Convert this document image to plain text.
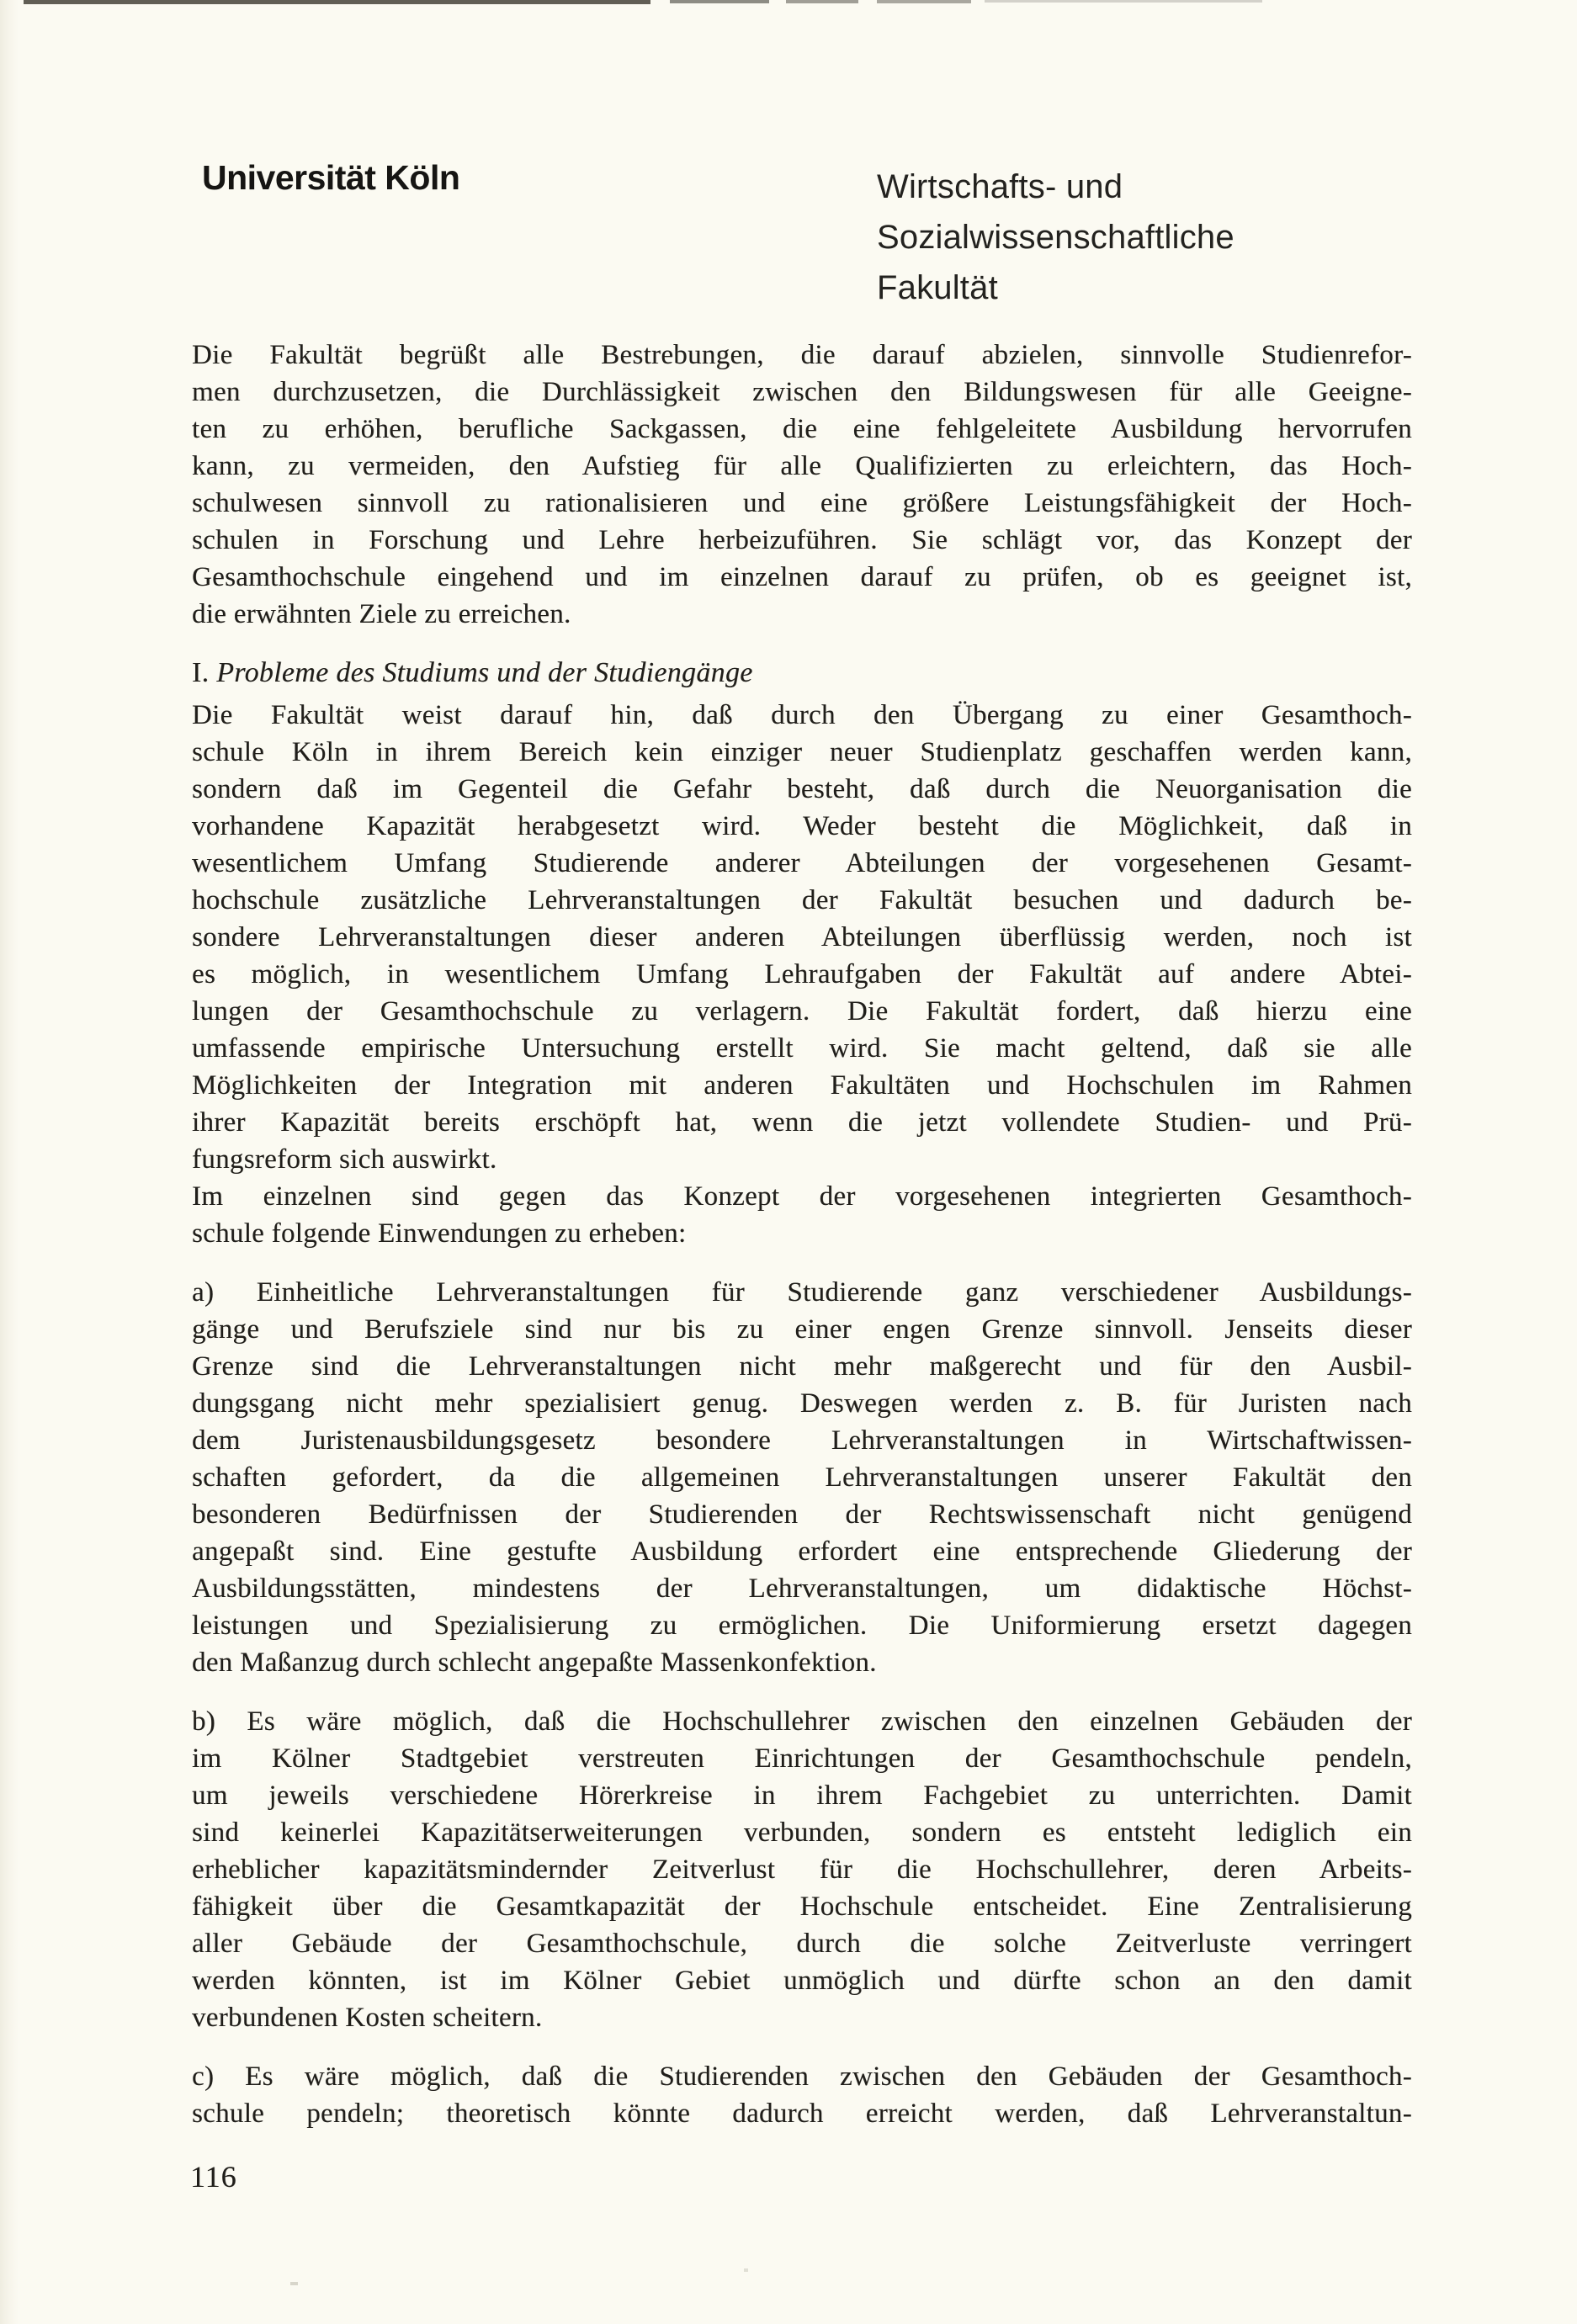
Universität Köln	Wirtschafts- und
Sozialwissenschaftliche
Fakultät
Die Fakultät begrüßt alle Bestrebungen, die darauf abzielen, sinnvolle Studienrefor-
men durchzusetzen, die Durchlässigkeit zwischen den Bildungswesen für alle Geeigne-
ten zu erhöhen, berufliche Sackgassen, die eine fehlgeleitete Ausbildung hervorrufen
kann, zu vermeiden, den Aufstieg für alle Qualifizierten zu erleichtern, das Hoch-
schulwesen sinnvoll zu rationalisieren und eine größere Leistungsfähigkeit der Hoch-
schulen in Forschung und Lehre herbeizuführen. Sie schlägt vor, das Konzept der
Gesamthochschule eingehend und im einzelnen darauf zu prüfen, ob es geeignet ist,
die erwähnten Ziele zu erreichen.
I. Probleme des Studiums und der Studiengänge
Die Fakultät weist darauf hin, daß durch den Übergang zu einer Gesamthoch-
schule Köln in ihrem Bereich kein einziger neuer Studienplatz geschaffen werden kann,
sondern daß im Gegenteil die Gefahr besteht, daß durch die Neuorganisation die
vorhandene Kapazität herabgesetzt wird. Weder besteht die Möglichkeit, daß in
wesentlichem Umfang Studierende anderer Abteilungen der vorgesehenen Gesamt-
hochschule zusätzliche Lehrveranstaltungen der Fakultät besuchen und dadurch be-
sondere Lehrveranstaltungen dieser anderen Abteilungen überflüssig werden, noch ist
es möglich, in wesentlichem Umfang Lehraufgaben der Fakultät auf andere Abtei-
lungen der Gesamthochschule zu verlagern. Die Fakultät fordert, daß hierzu eine
umfassende empirische Untersuchung erstellt wird. Sie macht geltend, daß sie alle
Möglichkeiten der Integration mit anderen Fakultäten und Hochschulen im Rahmen
ihrer Kapazität bereits erschöpft hat, wenn die jetzt vollendete Studien- und Prü-
fungsreform sich auswirkt.
Im einzelnen sind gegen das Konzept der vorgesehenen integrierten Gesamthoch-
schule folgende Einwendungen zu erheben:
a) Einheitliche Lehrveranstaltungen für Studierende ganz verschiedener Ausbildungs-
gänge und Berufsziele sind nur bis zu einer engen Grenze sinnvoll. Jenseits dieser
Grenze sind die Lehrveranstaltungen nicht mehr maßgerecht und für den Ausbil-
dungsgang nicht mehr spezialisiert genug. Deswegen werden z. B. für Juristen nach
dem Juristenausbildungsgesetz besondere Lehrveranstaltungen in Wirtschaftwissen-
schaften gefordert, da die allgemeinen Lehrveranstaltungen unserer Fakultät den
besonderen Bedürfnissen der Studierenden der Rechtswissenschaft nicht genügend
angepaßt sind. Eine gestufte Ausbildung erfordert eine entsprechende Gliederung der
Ausbildungsstätten, mindestens der Lehrveranstaltungen, um didaktische Höchst-
leistungen und Spezialisierung zu ermöglichen. Die Uniformierung ersetzt dagegen
den Maßanzug durch schlecht angepaßte Massenkonfektion.
b) Es wäre möglich, daß die Hochschullehrer zwischen den einzelnen Gebäuden der
im Kölner Stadtgebiet verstreuten Einrichtungen der Gesamthochschule pendeln,
um jeweils verschiedene Hörerkreise in ihrem Fachgebiet zu unterrichten. Damit
sind keinerlei Kapazitätserweiterungen verbunden, sondern es entsteht lediglich ein
erheblicher kapazitätsmindernder Zeitverlust für die Hochschullehrer, deren Arbeits-
fähigkeit über die Gesamtkapazität der Hochschule entscheidet. Eine Zentralisierung
aller Gebäude der Gesamthochschule, durch die solche Zeitverluste verringert
werden könnten, ist im Kölner Gebiet unmöglich und dürfte schon an den damit
verbundenen Kosten scheitern.
c) Es wäre möglich, daß die Studierenden zwischen den Gebäuden der Gesamthoch-
schule pendeln; theoretisch könnte dadurch erreicht werden, daß Lehrveranstaltun-
116
